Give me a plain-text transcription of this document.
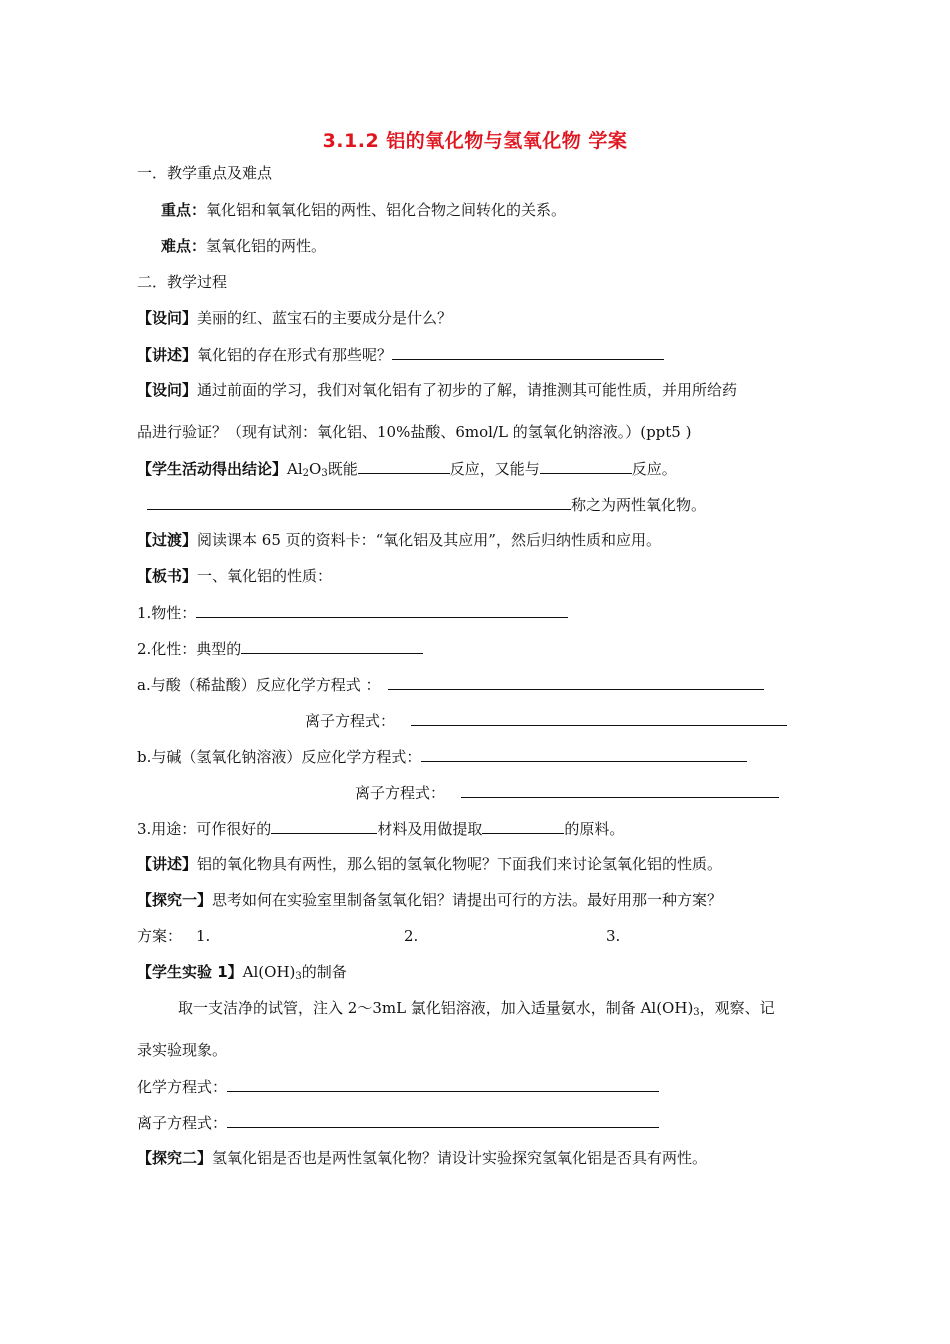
3.1.2 铝的氧化物与氢氧化物 学案
一．教学重点及难点
重点：氧化铝和氧氧化铝的两性、铝化合物之间转化的关系。
难点：氢氧化铝的两性。
二．教学过程
【设问】美丽的红、蓝宝石的主要成分是什么？
【讲述】氧化铝的存在形式有那些呢？
【设问】通过前面的学习，我们对氧化铝有了初步的了解，请推测其可能性质，并用所给药
品进行验证？（现有试剂：氧化铝、10%盐酸、6mol/L 的氢氧化钠溶液。）(ppt5 )
【学生活动得出结论】$Al_2O_3$既能	反应，又能与	反应。
称之为两性氧化物。
【过渡】阅读课本 65 页的资料卡：“氧化铝及其应用”，然后归纳性质和应用。
【板书】一、氧化铝的性质：
1.物性：
2.化性：典型的
a.与酸（稀盐酸）反应化学方程式 ：
离子方程式：
b.与碱（氢氧化钠溶液）反应化学方程式：
离子方程式：
3.用途：可作很好的	材料及用做提取	的原料。
【讲述】铝的氧化物具有两性，那么铝的氢氧化物呢？下面我们来讨论氢氧化铝的性质。
【探究一】思考如何在实验室里制备氢氧化铝？请提出可行的方法。最好用那一种方案？
方案： 1.	2.	3.
【学生实验 1】$Al(OH)_3$的制备
取一支洁净的试管，注入 2～3mL 氯化铝溶液，加入适量氨水，制备 $Al(OH)_3$，观察、记
录实验现象。
化学方程式：
离子方程式：
【探究二】氢氧化铝是否也是两性氢氧化物？请设计实验探究氢氧化铝是否具有两性。
